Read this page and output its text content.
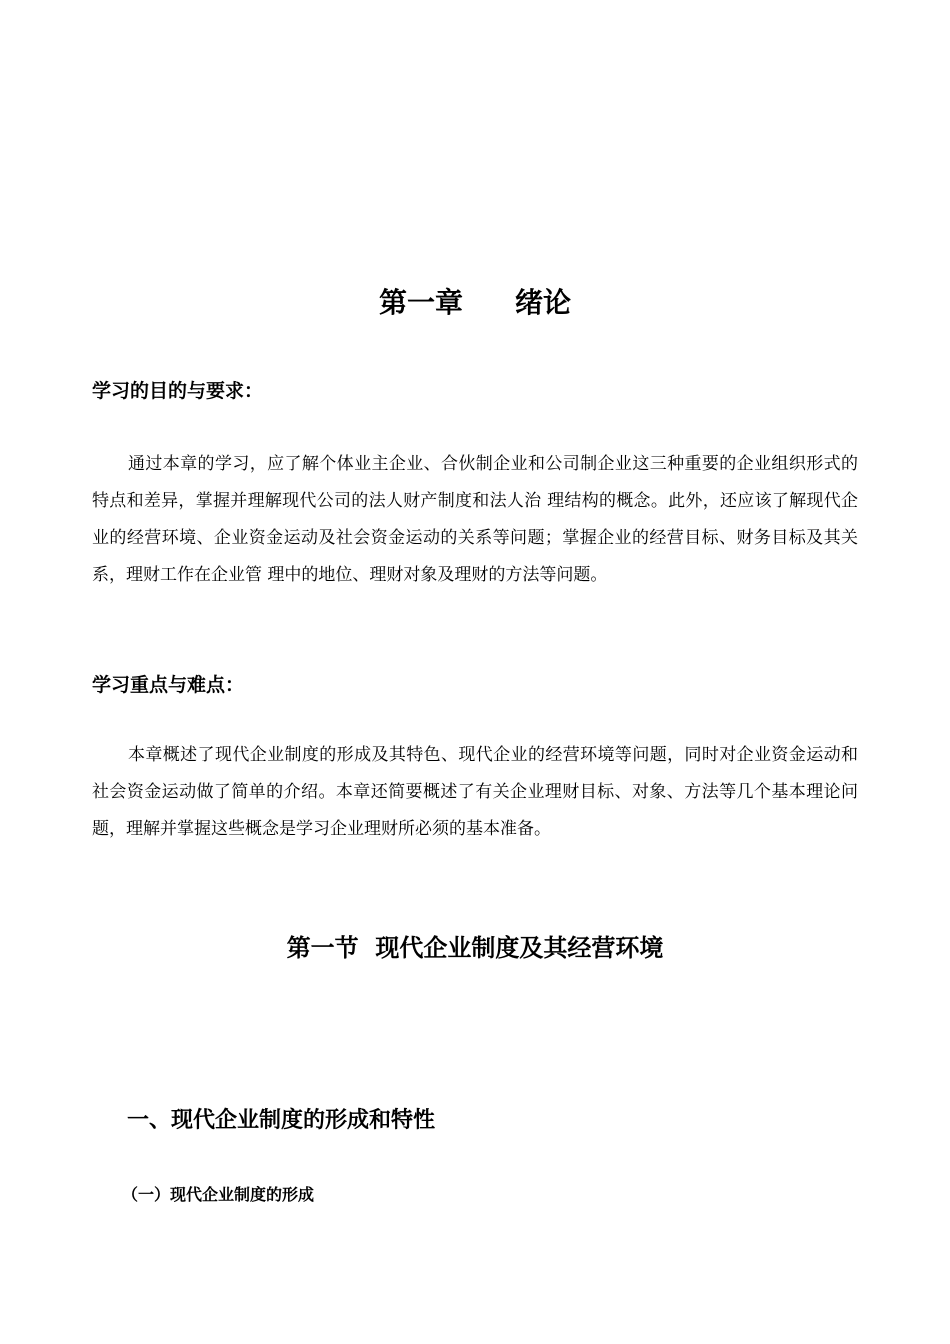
第一章 绪论
学习的目的与要求：

通过本章的学习，应了解个体业主企业、合伙制企业和公司制企业这三种重要的企业组织形式的特点和差异，掌握并理解现代公司的法人财产制度和法人治 理结构的概念。此外，还应该了解现代企业的经营环境、企业资金运动及社会资金运动的关系等问题；掌握企业的经营目标、财务目标及其关系，理财工作在企业管 理中的地位、理财对象及理财的方法等问题。

学习重点与难点：

本章概述了现代企业制度的形成及其特色、现代企业的经营环境等问题，同时对企业资金运动和社会资金运动做了简单的介绍。本章还简要概述了有关企业理财目标、对象、方法等几个基本理论问题，理解并掌握这些概念是学习企业理财所必须的基本准备。

第一节  现代企业制度及其经营环境
一、现代企业制度的形成和特性
（一）现代企业制度的形成
